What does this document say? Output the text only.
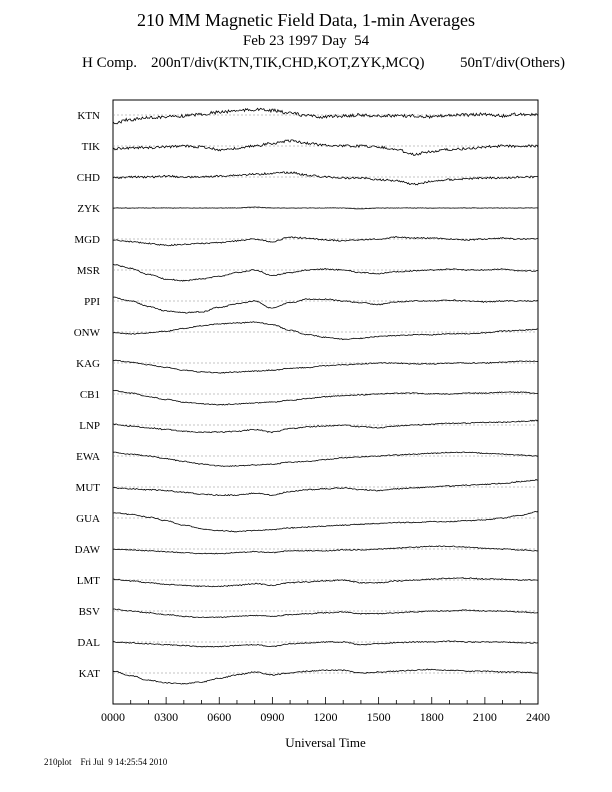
210 MM Magnetic Field Data, 1-min Averages
Feb 23 1997 Day  54
H Comp. 200nT/div(KTN,TIK,CHD,KOT,ZYK,MCQ) 50nT/div(Others)
KTN
TIK
CHD
ZYK
MGD
MSR
PPI
ONW
KAG
CB1
LNP
EWA
MUT
GUA
DAW
LMT
BSV
DAL
KAT
0000 0300 0600 0900 1200 1500 1800 2100 2400
Universal Time
210plot Fri Jul  9 14:25:54 2010
